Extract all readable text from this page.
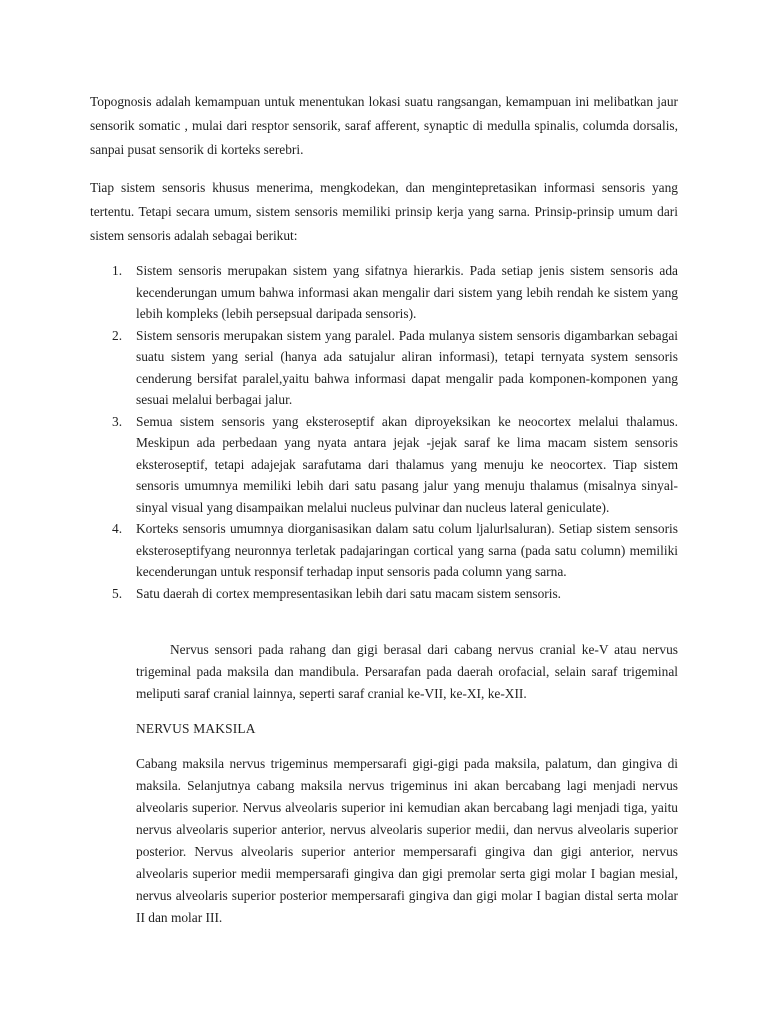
Topognosis adalah kemampuan untuk menentukan lokasi suatu rangsangan, kemampuan ini melibatkan jaur sensorik somatic , mulai dari resptor sensorik, saraf afferent, synaptic di medulla spinalis, columda dorsalis, sanpai pusat sensorik di korteks serebri.

Tiap sistem sensoris khusus menerima, mengkodekan, dan mengintepretasikan informasi sensoris yang tertentu. Tetapi secara umum, sistem sensoris memiliki prinsip kerja yang sarna. Prinsip-prinsip umum dari sistem sensoris adalah sebagai berikut:

1. Sistem sensoris merupakan sistem yang sifatnya hierarkis. Pada setiap jenis sistem sensoris ada kecenderungan umum bahwa informasi akan mengalir dari sistem yang lebih rendah ke sistem yang lebih kompleks (lebih persepsual daripada sensoris).
2. Sistem sensoris merupakan sistem yang paralel. Pada mulanya sistem sensoris digambarkan sebagai suatu sistem yang serial (hanya ada satujalur aliran informasi), tetapi ternyata system sensoris cenderung bersifat paralel,yaitu bahwa informasi dapat mengalir pada komponen-komponen yang sesuai melalui berbagai jalur.
3. Semua sistem sensoris yang eksteroseptif akan diproyeksikan ke neocortex melalui thalamus. Meskipun ada perbedaan yang nyata antara jejak -jejak saraf ke lima macam sistem sensoris eksteroseptif, tetapi adajejak sarafutama dari thalamus yang menuju ke neocortex. Tiap sistem sensoris umumnya memiliki lebih dari satu pasang jalur yang menuju thalamus (misalnya sinyal-sinyal visual yang disampaikan melalui nucleus pulvinar dan nucleus lateral geniculate).
4. Korteks sensoris umumnya diorganisasikan dalam satu colum ljalurlsaluran). Setiap sistem sensoris eksteroseptifyang neuronnya terletak padajaringan cortical yang sarna (pada satu column) memiliki kecenderungan untuk responsif terhadap input sensoris pada column yang sarna.
5. Satu daerah di cortex mempresentasikan lebih dari satu macam sistem sensoris.

Nervus sensori pada rahang dan gigi berasal dari cabang nervus cranial ke-V atau nervus trigeminal pada maksila dan mandibula. Persarafan pada daerah orofacial, selain saraf trigeminal meliputi saraf cranial lainnya, seperti saraf cranial ke-VII, ke-XI, ke-XII.

NERVUS MAKSILA

Cabang maksila nervus trigeminus mempersarafi gigi-gigi pada maksila, palatum, dan gingiva di maksila. Selanjutnya cabang maksila nervus trigeminus ini akan bercabang lagi menjadi nervus alveolaris superior. Nervus alveolaris superior ini kemudian akan bercabang lagi menjadi tiga, yaitu nervus alveolaris superior anterior, nervus alveolaris superior medii, dan nervus alveolaris superior posterior. Nervus alveolaris superior anterior mempersarafi gingiva dan gigi anterior, nervus alveolaris superior medii mempersarafi gingiva dan gigi premolar serta gigi molar I bagian mesial, nervus alveolaris superior posterior mempersarafi gingiva dan gigi molar I bagian distal serta molar II dan molar III.
